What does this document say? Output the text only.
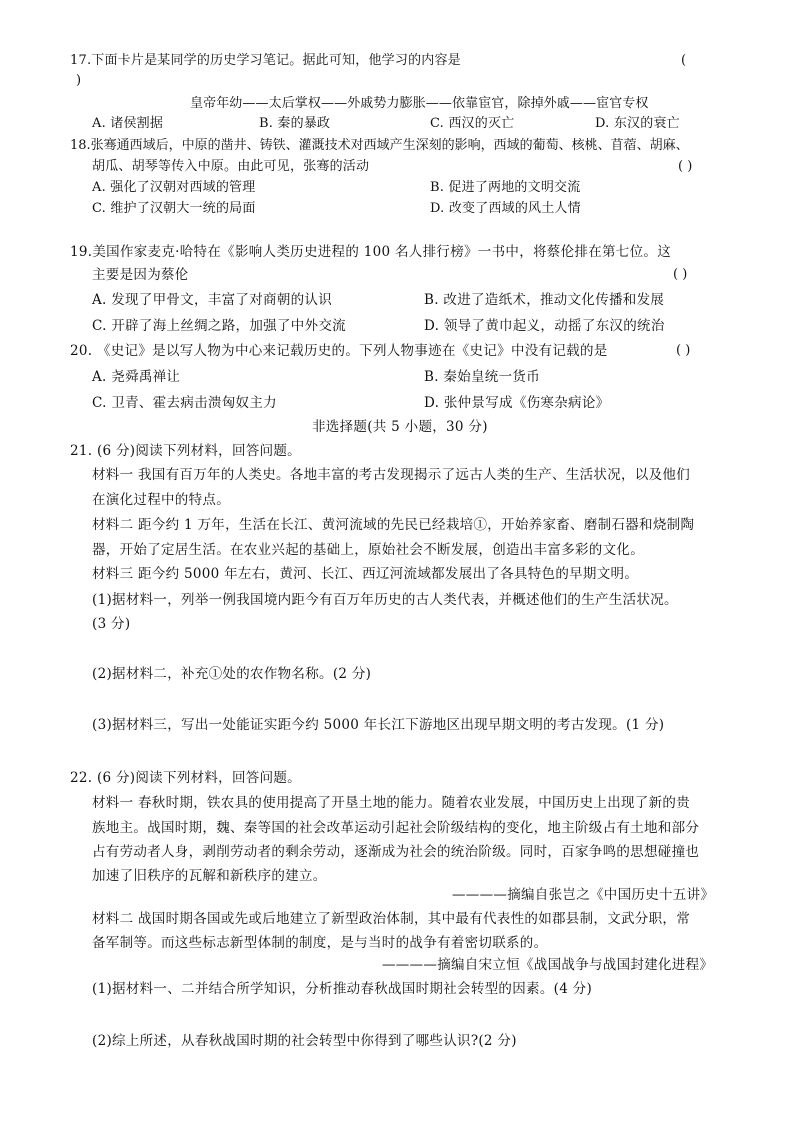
17.下面卡片是某同学的历史学习笔记。据此可知，他学习的内容是	(
)
皇帝年幼——太后掌权——外戚势力膨胀——依靠宦官，除掉外戚——宦官专权
A. 诸侯割据	B. 秦的暴政	C. 西汉的灭亡	D. 东汉的衰亡
18.张骞通西域后，中原的凿井、铸铁、灌溉技术对西域产生深刻的影响，西域的葡萄、核桃、苜蓿、胡麻、
胡瓜、胡琴等传入中原。由此可见，张骞的活动	( )
A. 强化了汉朝对西域的管理	B. 促进了两地的文明交流
C. 维护了汉朝大一统的局面	D. 改变了西域的风土人情
19.美国作家麦克·哈特在《影响人类历史进程的 100 名人排行榜》一书中，将蔡伦排在第七位。这
主要是因为蔡伦	( )
A. 发现了甲骨文，丰富了对商朝的认识	B. 改进了造纸术，推动文化传播和发展
C. 开辟了海上丝绸之路，加强了中外交流	D. 领导了黄巾起义，动摇了东汉的统治
20. 《史记》是以写人物为中心来记载历史的。下列人物事迹在《史记》中没有记载的是	( )
A. 尧舜禹禅让	B. 秦始皇统一货币
C. 卫青、霍去病击溃匈奴主力	D. 张仲景写成《伤寒杂病论》
非选择题(共 5 小题，30 分)
21. (6 分)阅读下列材料，回答问题。
材料一 我国有百万年的人类史。各地丰富的考古发现揭示了远古人类的生产、生活状况，以及他们
在演化过程中的特点。
材料二 距今约 1 万年，生活在长江、黄河流域的先民已经栽培①，开始养家畜、磨制石器和烧制陶
器，开始了定居生活。在农业兴起的基础上，原始社会不断发展，创造出丰富多彩的文化。
材料三 距今约 5000 年左右，黄河、长江、西辽河流域都发展出了各具特色的早期文明。
(1)据材料一，列举一例我国境内距今有百万年历史的古人类代表，并概述他们的生产生活状况。
(3 分)
(2)据材料二，补充①处的农作物名称。(2 分)
(3)据材料三，写出一处能证实距今约 5000 年长江下游地区出现早期文明的考古发现。(1 分)
22. (6 分)阅读下列材料，回答问题。
材料一 春秋时期，铁农具的使用提高了开垦土地的能力。随着农业发展，中国历史上出现了新的贵
族地主。战国时期，魏、秦等国的社会改革运动引起社会阶级结构的变化，地主阶级占有土地和部分
占有劳动者人身，剥削劳动者的剩余劳动，逐渐成为社会的统治阶级。同时，百家争鸣的思想碰撞也
加速了旧秩序的瓦解和新秩序的建立。
————摘编自张岂之《中国历史十五讲》
材料二 战国时期各国或先或后地建立了新型政治体制，其中最有代表性的如郡县制，文武分职，常
备军制等。而这些标志新型体制的制度，是与当时的战争有着密切联系的。
————摘编自宋立恒《战国战争与战国封建化进程》
(1)据材料一、二并结合所学知识，分析推动春秋战国时期社会转型的因素。(4 分)
(2)综上所述，从春秋战国时期的社会转型中你得到了哪些认识?(2 分)
